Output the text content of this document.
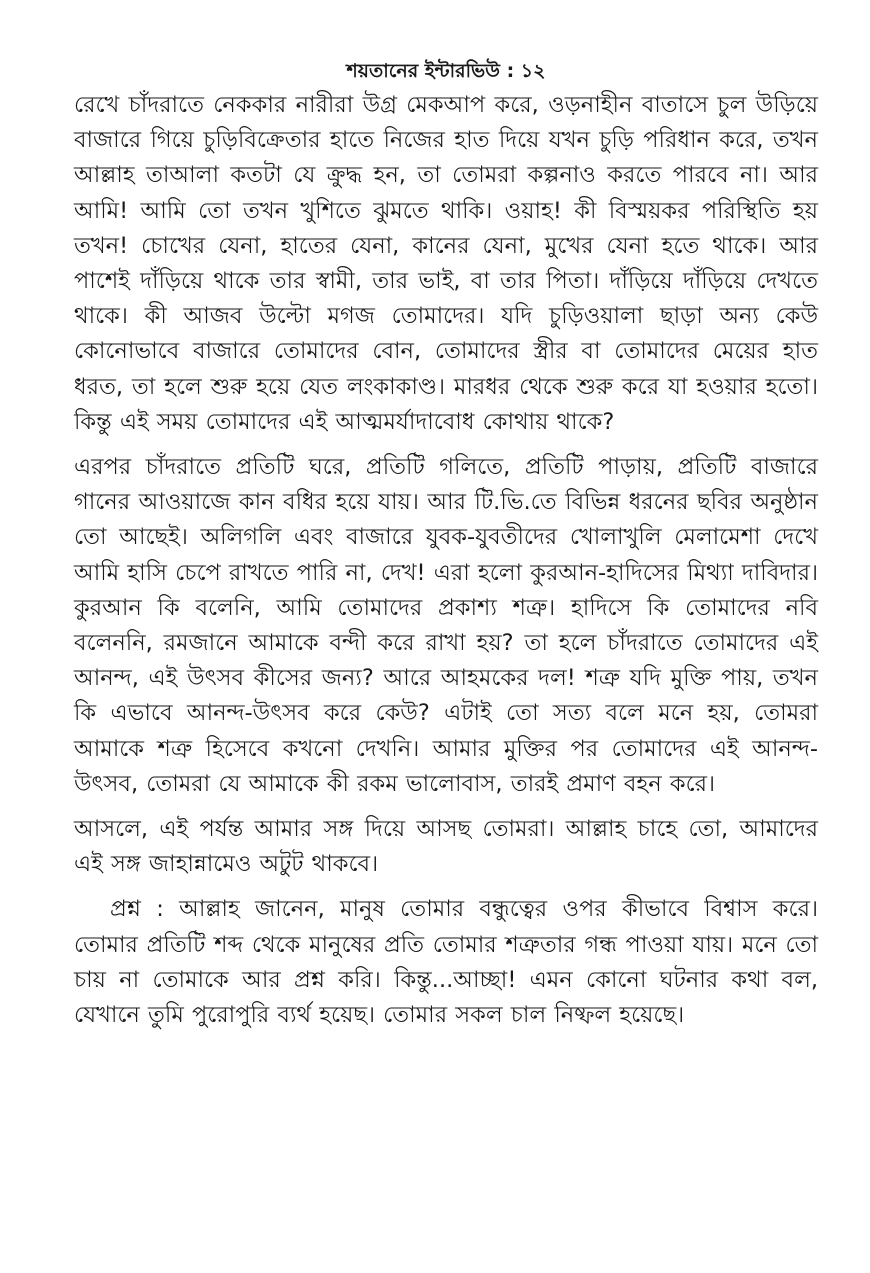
শয়তানের ইন্টারভিউ : ১২

রেখে চাঁদরাতে নেককার নারীরা উগ্র মেকআপ করে, ওড়নাহীন বাতাসে চুল উড়িয়ে বাজারে গিয়ে চুড়িবিক্রেতার হাতে নিজের হাত দিয়ে যখন চুড়ি পরিধান করে, তখন আল্লাহ তাআলা কতটা যে ক্রুদ্ধ হন, তা তোমরা কল্পনাও করতে পারবে না। আর আমি! আমি তো তখন খুশিতে ঝুমতে থাকি। ওয়াহ! কী বিস্ময়কর পরিস্থিতি হয় তখন! চোখের যেনা, হাতের যেনা, কানের যেনা, মুখের যেনা হতে থাকে। আর পাশেই দাঁড়িয়ে থাকে তার স্বামী, তার ভাই, বা তার পিতা। দাঁড়িয়ে দাঁড়িয়ে দেখতে থাকে। কী আজব উল্টো মগজ তোমাদের। যদি চুড়িওয়ালা ছাড়া অন্য কেউ কোনোভাবে বাজারে তোমাদের বোন, তোমাদের স্ত্রীর বা তোমাদের মেয়ের হাত ধরত, তা হলে শুরু হয়ে যেত লংকাকাণ্ড। মারধর থেকে শুরু করে যা হওয়ার হতো। কিন্তু এই সময় তোমাদের এই আত্মমর্যাদাবোধ কোথায় থাকে?

এরপর চাঁদরাতে প্রতিটি ঘরে, প্রতিটি গলিতে, প্রতিটি পাড়ায়, প্রতিটি বাজারে গানের আওয়াজে কান বধির হয়ে যায়। আর টি.ভি.তে বিভিন্ন ধরনের ছবির অনুষ্ঠান তো আছেই। অলিগলি এবং বাজারে যুবক-যুবতীদের খোলাখুলি মেলামেশা দেখে আমি হাসি চেপে রাখতে পারি না, দেখ! এরা হলো কুরআন-হাদিসের মিথ্যা দাবিদার। কুরআন কি বলেনি, আমি তোমাদের প্রকাশ্য শত্রু। হাদিসে কি তোমাদের নবি বলেননি, রমজানে আমাকে বন্দী করে রাখা হয়? তা হলে চাঁদরাতে তোমাদের এই আনন্দ, এই উৎসব কীসের জন্য? আরে আহমকের দল! শত্রু যদি মুক্তি পায়, তখন কি এভাবে আনন্দ-উৎসব করে কেউ? এটাই তো সত্য বলে মনে হয়, তোমরা আমাকে শত্রু হিসেবে কখনো দেখনি। আমার মুক্তির পর তোমাদের এই আনন্দ-উৎসব, তোমরা যে আমাকে কী রকম ভালোবাস, তারই প্রমাণ বহন করে।

আসলে, এই পর্যন্ত আমার সঙ্গ দিয়ে আসছ তোমরা। আল্লাহ চাহে তো, আমাদের এই সঙ্গ জাহান্নামেও অটুট থাকবে।

প্রশ্ন : আল্লাহ জানেন, মানুষ তোমার বন্ধুত্বের ওপর কীভাবে বিশ্বাস করে। তোমার প্রতিটি শব্দ থেকে মানুষের প্রতি তোমার শত্রুতার গন্ধ পাওয়া যায়। মনে তো চায় না তোমাকে আর প্রশ্ন করি। কিন্তু...আচ্ছা! এমন কোনো ঘটনার কথা বল, যেখানে তুমি পুরোপুরি ব্যর্থ হয়েছ। তোমার সকল চাল নিষ্ফল হয়েছে।
